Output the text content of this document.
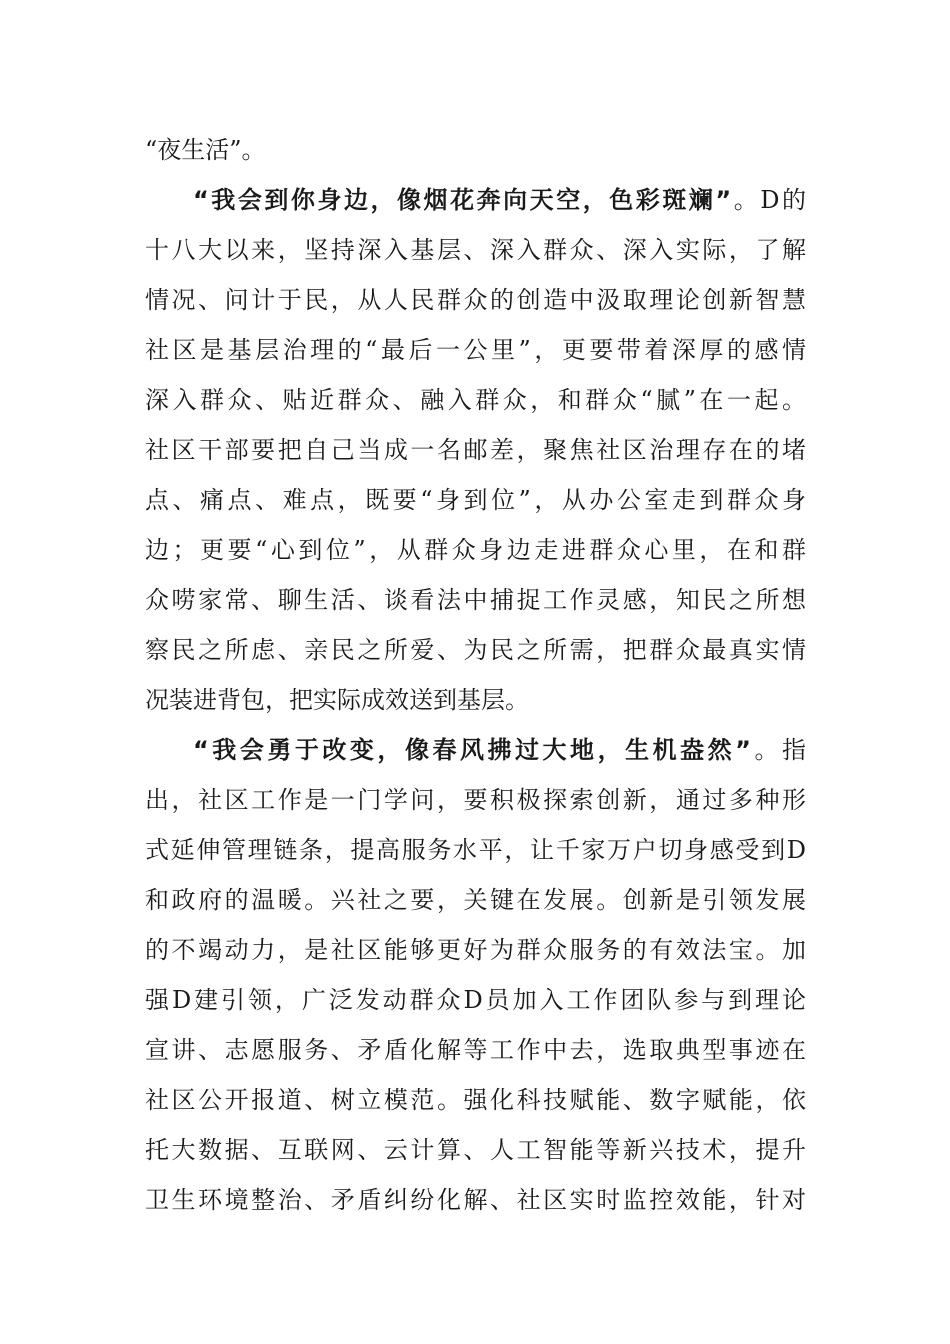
“夜生活”。
“我会到你身边，像烟花奔向天空，色彩斑斓”。D的
十八大以来，坚持深入基层、深入群众、深入实际，了解
情况、问计于民，从人民群众的创造中汲取理论创新智慧
社区是基层治理的“最后一公里”，更要带着深厚的感情
深入群众、贴近群众、融入群众，和群众“腻”在一起。
社区干部要把自己当成一名邮差，聚焦社区治理存在的堵
点、痛点、难点，既要“身到位”，从办公室走到群众身
边；更要“心到位”，从群众身边走进群众心里，在和群
众唠家常、聊生活、谈看法中捕捉工作灵感，知民之所想
察民之所虑、亲民之所爱、为民之所需，把群众最真实情
况装进背包，把实际成效送到基层。
“我会勇于改变，像春风拂过大地，生机盎然”。指
出，社区工作是一门学问，要积极探索创新，通过多种形
式延伸管理链条，提高服务水平，让千家万户切身感受到D
和政府的温暖。兴社之要，关键在发展。创新是引领发展
的不竭动力，是社区能够更好为群众服务的有效法宝。加
强D建引领，广泛发动群众D员加入工作团队参与到理论
宣讲、志愿服务、矛盾化解等工作中去，选取典型事迹在
社区公开报道、树立模范。强化科技赋能、数字赋能，依
托大数据、互联网、云计算、人工智能等新兴技术，提升
卫生环境整治、矛盾纠纷化解、社区实时监控效能，针对
